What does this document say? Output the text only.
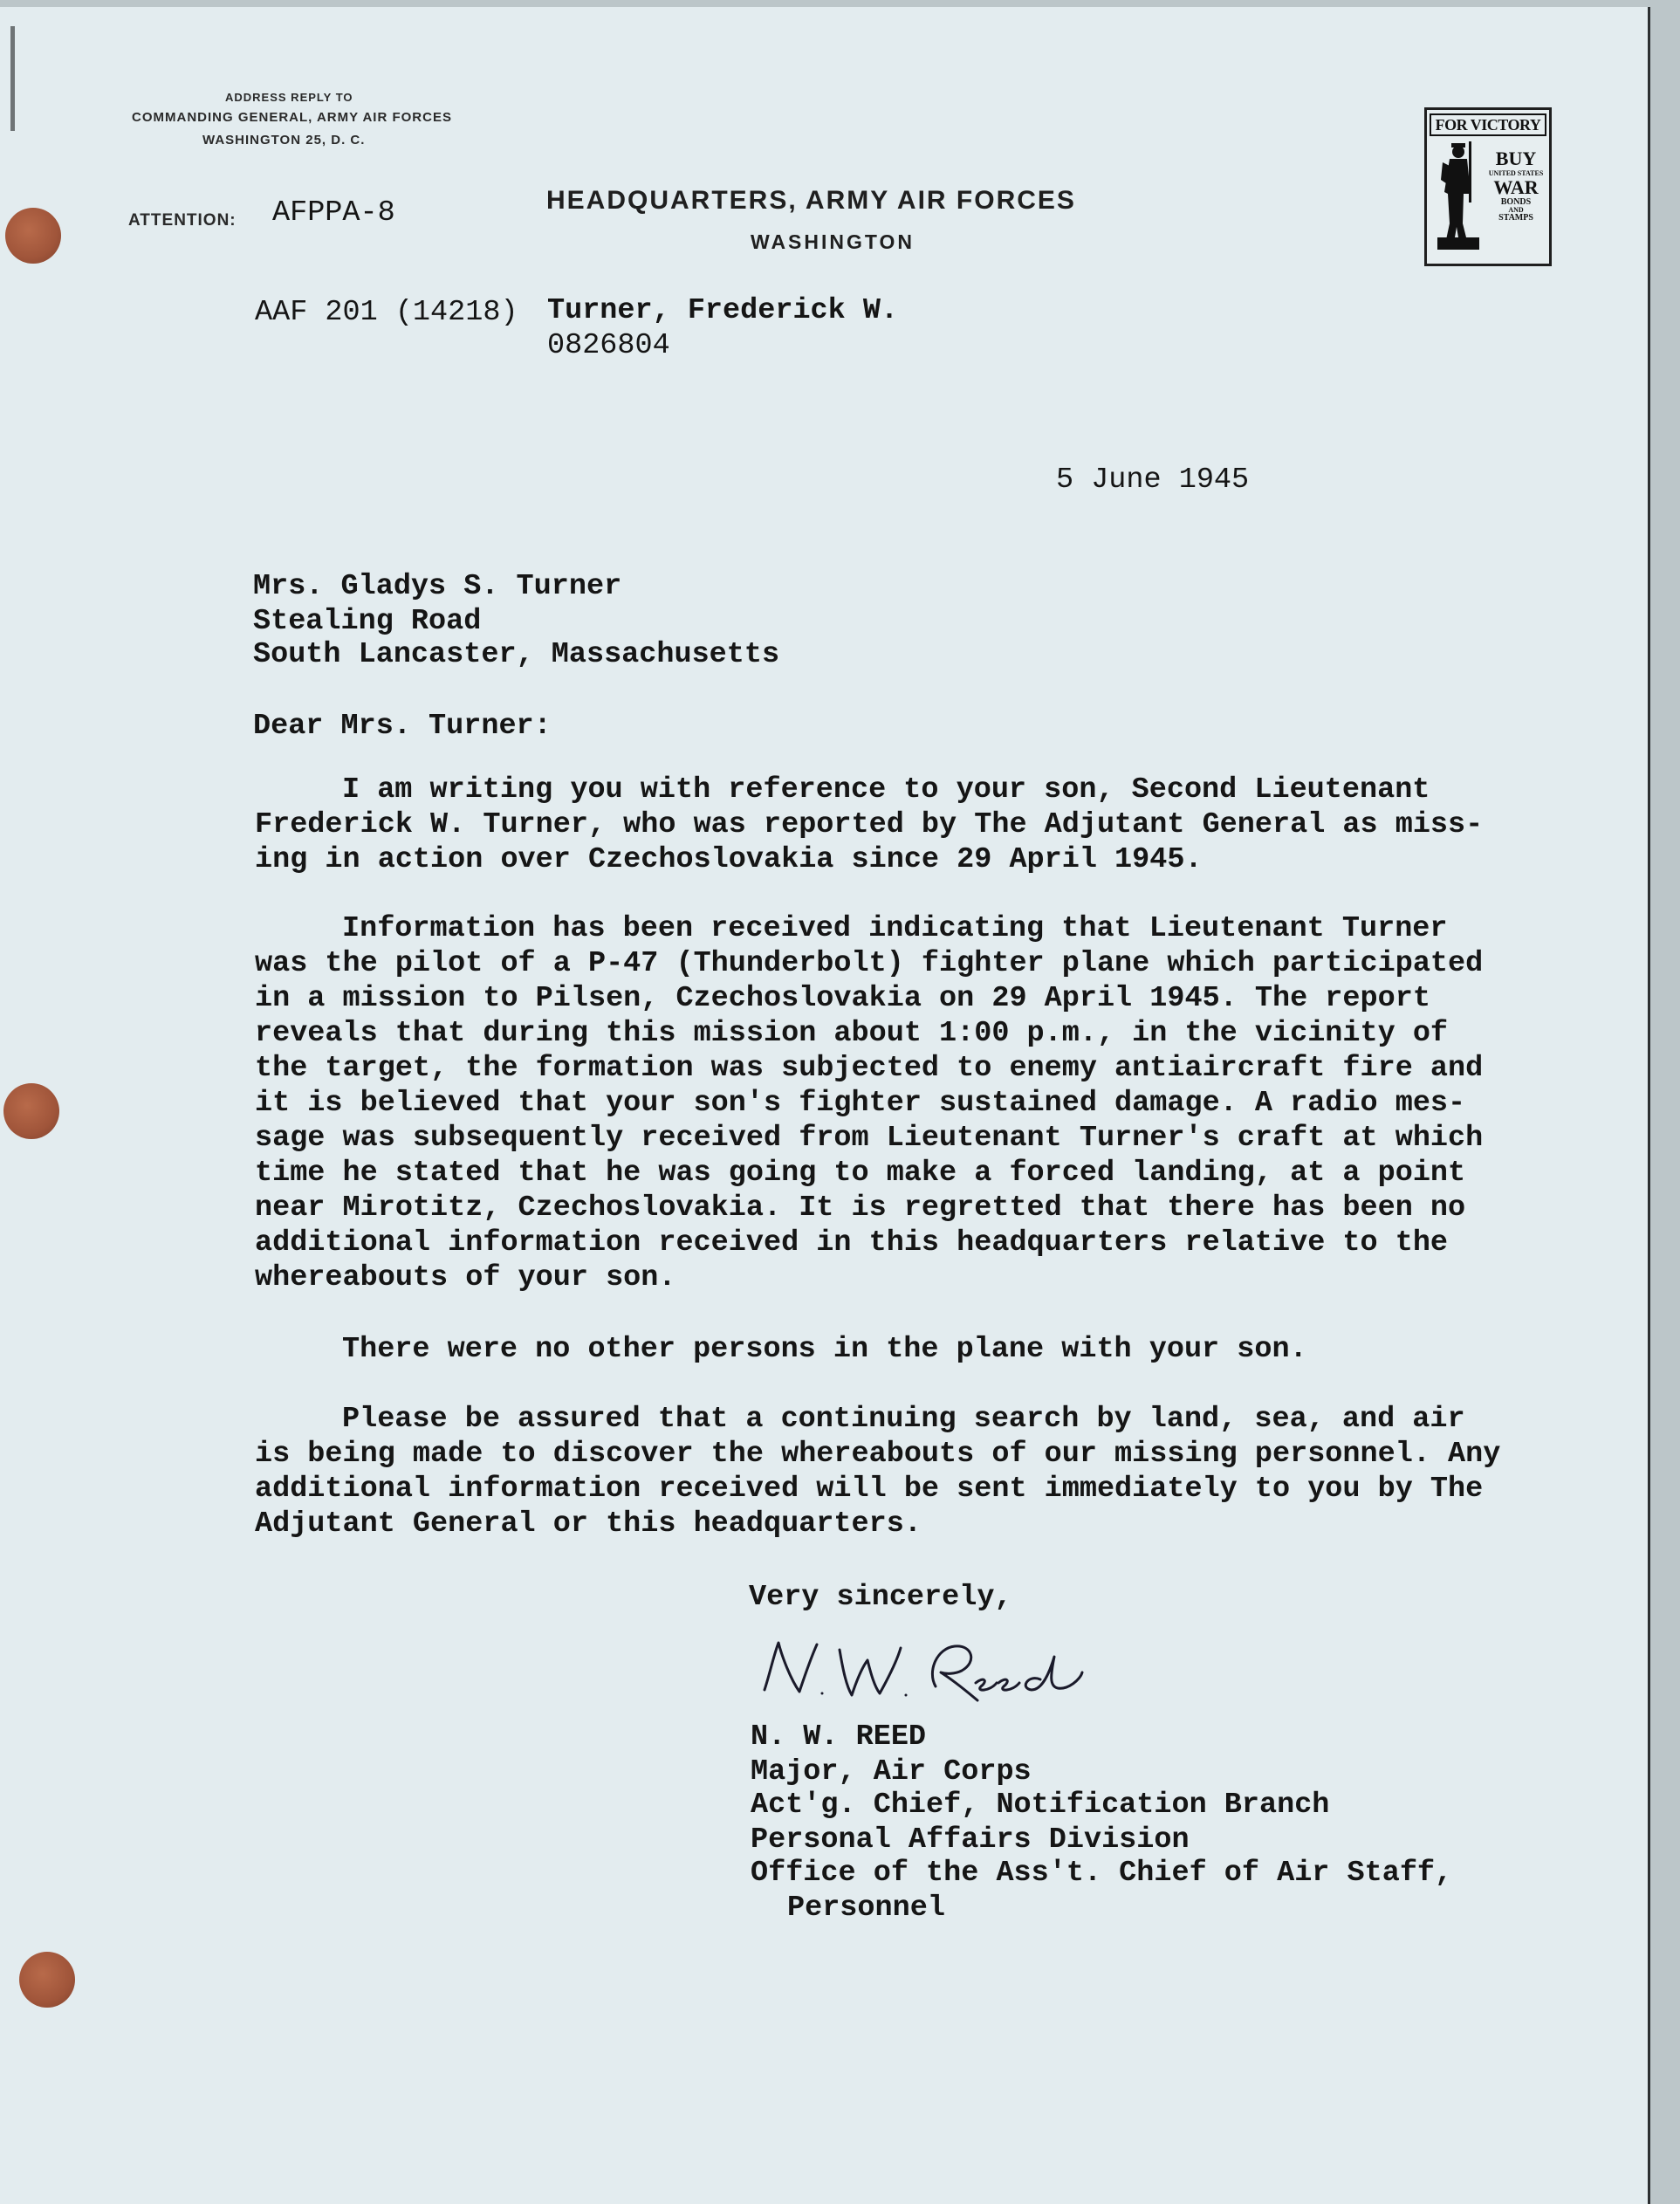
ADDRESS REPLY TO
COMMANDING GENERAL, ARMY AIR FORCES
WASHINGTON 25, D. C.
ATTENTION: AFPPA-8	HEADQUARTERS, ARMY AIR FORCES
WASHINGTON
FOR VICTORY
BUY
UNITED STATES
WAR
BONDS
AND
STAMPS
AAF 201 (14218) Turner, Frederick W.
0826804
5 June 1945
Mrs. Gladys S. Turner
Stealing Road
South Lancaster, Massachusetts
Dear Mrs. Turner:
I am writing you with reference to your son, Second Lieutenant
Frederick W. Turner, who was reported by The Adjutant General as miss-
ing in action over Czechoslovakia since 29 April 1945.
Information has been received indicating that Lieutenant Turner
was the pilot of a P-47 (Thunderbolt) fighter plane which participated
in a mission to Pilsen, Czechoslovakia on 29 April 1945. The report
reveals that during this mission about 1:00 p.m., in the vicinity of
the target, the formation was subjected to enemy antiaircraft fire and
it is believed that your son's fighter sustained damage. A radio mes-
sage was subsequently received from Lieutenant Turner's craft at which
time he stated that he was going to make a forced landing, at a point
near Mirotitz, Czechoslovakia. It is regretted that there has been no
additional information received in this headquarters relative to the
whereabouts of your son.
There were no other persons in the plane with your son.
Please be assured that a continuing search by land, sea, and air
is being made to discover the whereabouts of our missing personnel. Any
additional information received will be sent immediately to you by The
Adjutant General or this headquarters.
Very sincerely,
N. W. REED
Major, Air Corps
Act'g. Chief, Notification Branch
Personal Affairs Division
Office of the Ass't. Chief of Air Staff,
Personnel
